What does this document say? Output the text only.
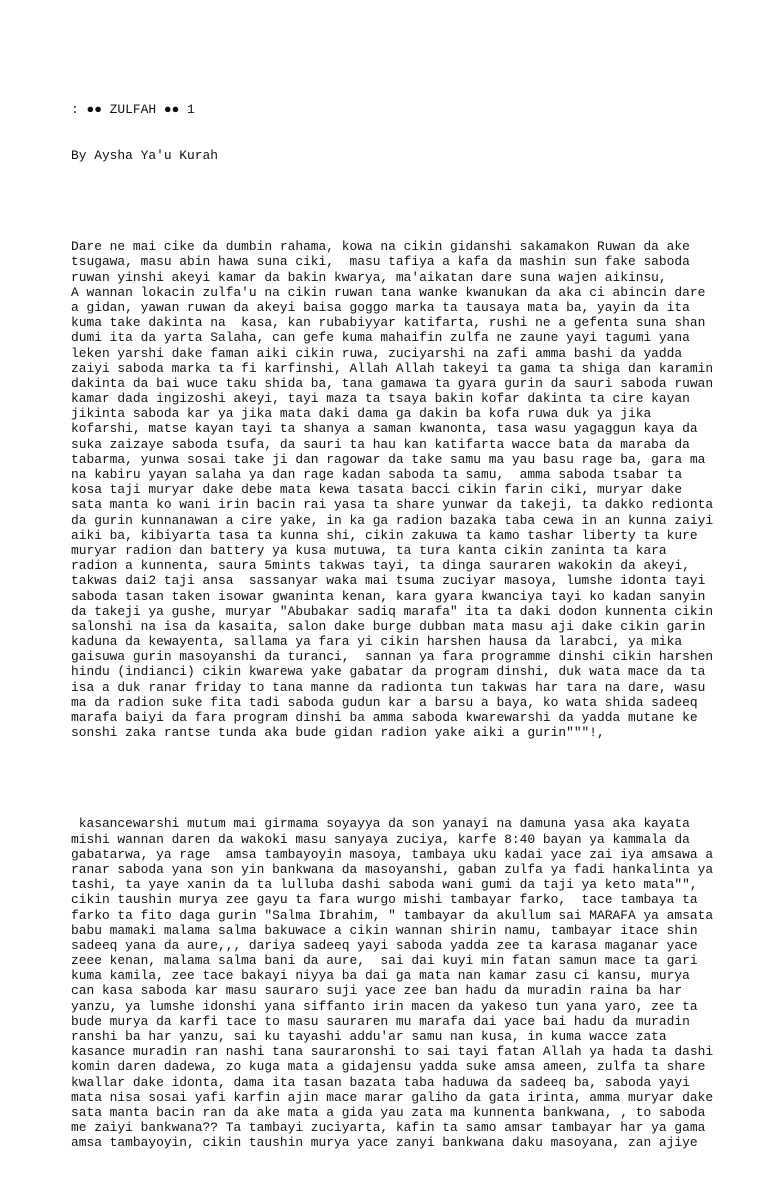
: ●● ZULFAH ●● 1

By Aysha Ya'u Kurah

Dare ne mai cike da dumbin rahama, kowa na cikin gidanshi sakamakon Ruwan da ake
tsugawa, masu abin hawa suna ciki,  masu tafiya a kafa da mashin sun fake saboda
ruwan yinshi akeyi kamar da bakin kwarya, ma'aikatan dare suna wajen aikinsu,
A wannan lokacin zulfa'u na cikin ruwan tana wanke kwanukan da aka ci abincin dare
a gidan, yawan ruwan da akeyi baisa goggo marka ta tausaya mata ba, yayin da ita
kuma take dakinta na  kasa, kan rubabiyyar katifarta, rushi ne a gefenta suna shan
dumi ita da yarta Salaha, can gefe kuma mahaifin zulfa ne zaune yayi tagumi yana
leken yarshi dake faman aiki cikin ruwa, zuciyarshi na zafi amma bashi da yadda
zaiyi saboda marka ta fi karfinshi, Allah Allah takeyi ta gama ta shiga dan karamin
dakinta da bai wuce taku shida ba, tana gamawa ta gyara gurin da sauri saboda ruwan
kamar dada ingizoshi akeyi, tayi maza ta tsaya bakin kofar dakinta ta cire kayan
jikinta saboda kar ya jika mata daki dama ga dakin ba kofa ruwa duk ya jika
kofarshi, matse kayan tayi ta shanya a saman kwanonta, tasa wasu yagaggun kaya da
suka zaizaye saboda tsufa, da sauri ta hau kan katifarta wacce bata da maraba da
tabarma, yunwa sosai take ji dan ragowar da take samu ma yau basu rage ba, gara ma
na kabiru yayan salaha ya dan rage kadan saboda ta samu,  amma saboda tsabar ta
kosa taji muryar dake debe mata kewa tasata bacci cikin farin ciki, muryar dake
sata manta ko wani irin bacin rai yasa ta share yunwar da takeji, ta dakko redionta
da gurin kunnanawan a cire yake, in ka ga radion bazaka taba cewa in an kunna zaiyi
aiki ba, kibiyarta tasa ta kunna shi, cikin zakuwa ta kamo tashar liberty ta kure
muryar radion dan battery ya kusa mutuwa, ta tura kanta cikin zaninta ta kara
radion a kunnenta, saura 5mints takwas tayi, ta dinga sauraren wakokin da akeyi,
takwas dai2 taji ansa  sassanyar waka mai tsuma zuciyar masoya, lumshe idonta tayi
saboda tasan taken isowar gwaninta kenan, kara gyara kwanciya tayi ko kadan sanyin
da takeji ya gushe, muryar "Abubakar sadiq marafa" ita ta daki dodon kunnenta cikin
salonshi na isa da kasaita, salon dake burge dubban mata masu aji dake cikin garin
kaduna da kewayenta, sallama ya fara yi cikin harshen hausa da larabci, ya mika
gaisuwa gurin masoyanshi da turanci,  sannan ya fara programme dinshi cikin harshen
hindu (indianci) cikin kwarewa yake gabatar da program dinshi, duk wata mace da ta
isa a duk ranar friday to tana manne da radionta tun takwas har tara na dare, wasu
ma da radion suke fita tadi saboda gudun kar a barsu a baya, ko wata shida sadeeq
marafa baiyi da fara program dinshi ba amma saboda kwarewarshi da yadda mutane ke
sonshi zaka rantse tunda aka bude gidan radion yake aiki a gurin"""!,

kasancewarshi mutum mai girmama soyayya da son yanayi na damuna yasa aka kayata
mishi wannan daren da wakoki masu sanyaya zuciya, karfe 8:40 bayan ya kammala da
gabatarwa, ya rage  amsa tambayoyin masoya, tambaya uku kadai yace zai iya amsawa a
ranar saboda yana son yin bankwana da masoyanshi, gaban zulfa ya fadi hankalinta ya
tashi, ta yaye xanin da ta lulluba dashi saboda wani gumi da taji ya keto mata"",
cikin taushin murya zee gayu ta fara wurgo mishi tambayar farko,  tace tambaya ta
farko ta fito daga gurin "Salma Ibrahim, " tambayar da akullum sai MARAFA ya amsata
babu mamaki malama salma bakuwace a cikin wannan shirin namu, tambayar itace shin
sadeeq yana da aure,,, dariya sadeeq yayi saboda yadda zee ta karasa maganar yace
zeee kenan, malama salma bani da aure,  sai dai kuyi min fatan samun mace ta gari
kuma kamila, zee tace bakayi niyya ba dai ga mata nan kamar zasu ci kansu, murya
can kasa saboda kar masu sauraro suji yace zee ban hadu da muradin raina ba har
yanzu, ya lumshe idonshi yana siffanto irin macen da yakeso tun yana yaro, zee ta
bude murya da karfi tace to masu sauraren mu marafa dai yace bai hadu da muradin
ranshi ba har yanzu, sai ku tayashi addu'ar samu nan kusa, in kuma wacce zata
kasance muradin ran nashi tana sauraronshi to sai tayi fatan Allah ya hada ta dashi
komin daren dadewa, zo kuga mata a gidajensu yadda suke amsa ameen, zulfa ta share
kwallar dake idonta, dama ita tasan bazata taba haduwa da sadeeq ba, saboda yayi
mata nisa sosai yafi karfin ajin mace marar galiho da gata irinta, amma muryar dake
sata manta bacin ran da ake mata a gida yau zata ma kunnenta bankwana, , to saboda
me zaiyi bankwana?? Ta tambayi zuciyarta, kafin ta samo amsar tambayar har ya gama
amsa tambayoyin, cikin taushin murya yace zanyi bankwana daku masoyana, zan ajiye
